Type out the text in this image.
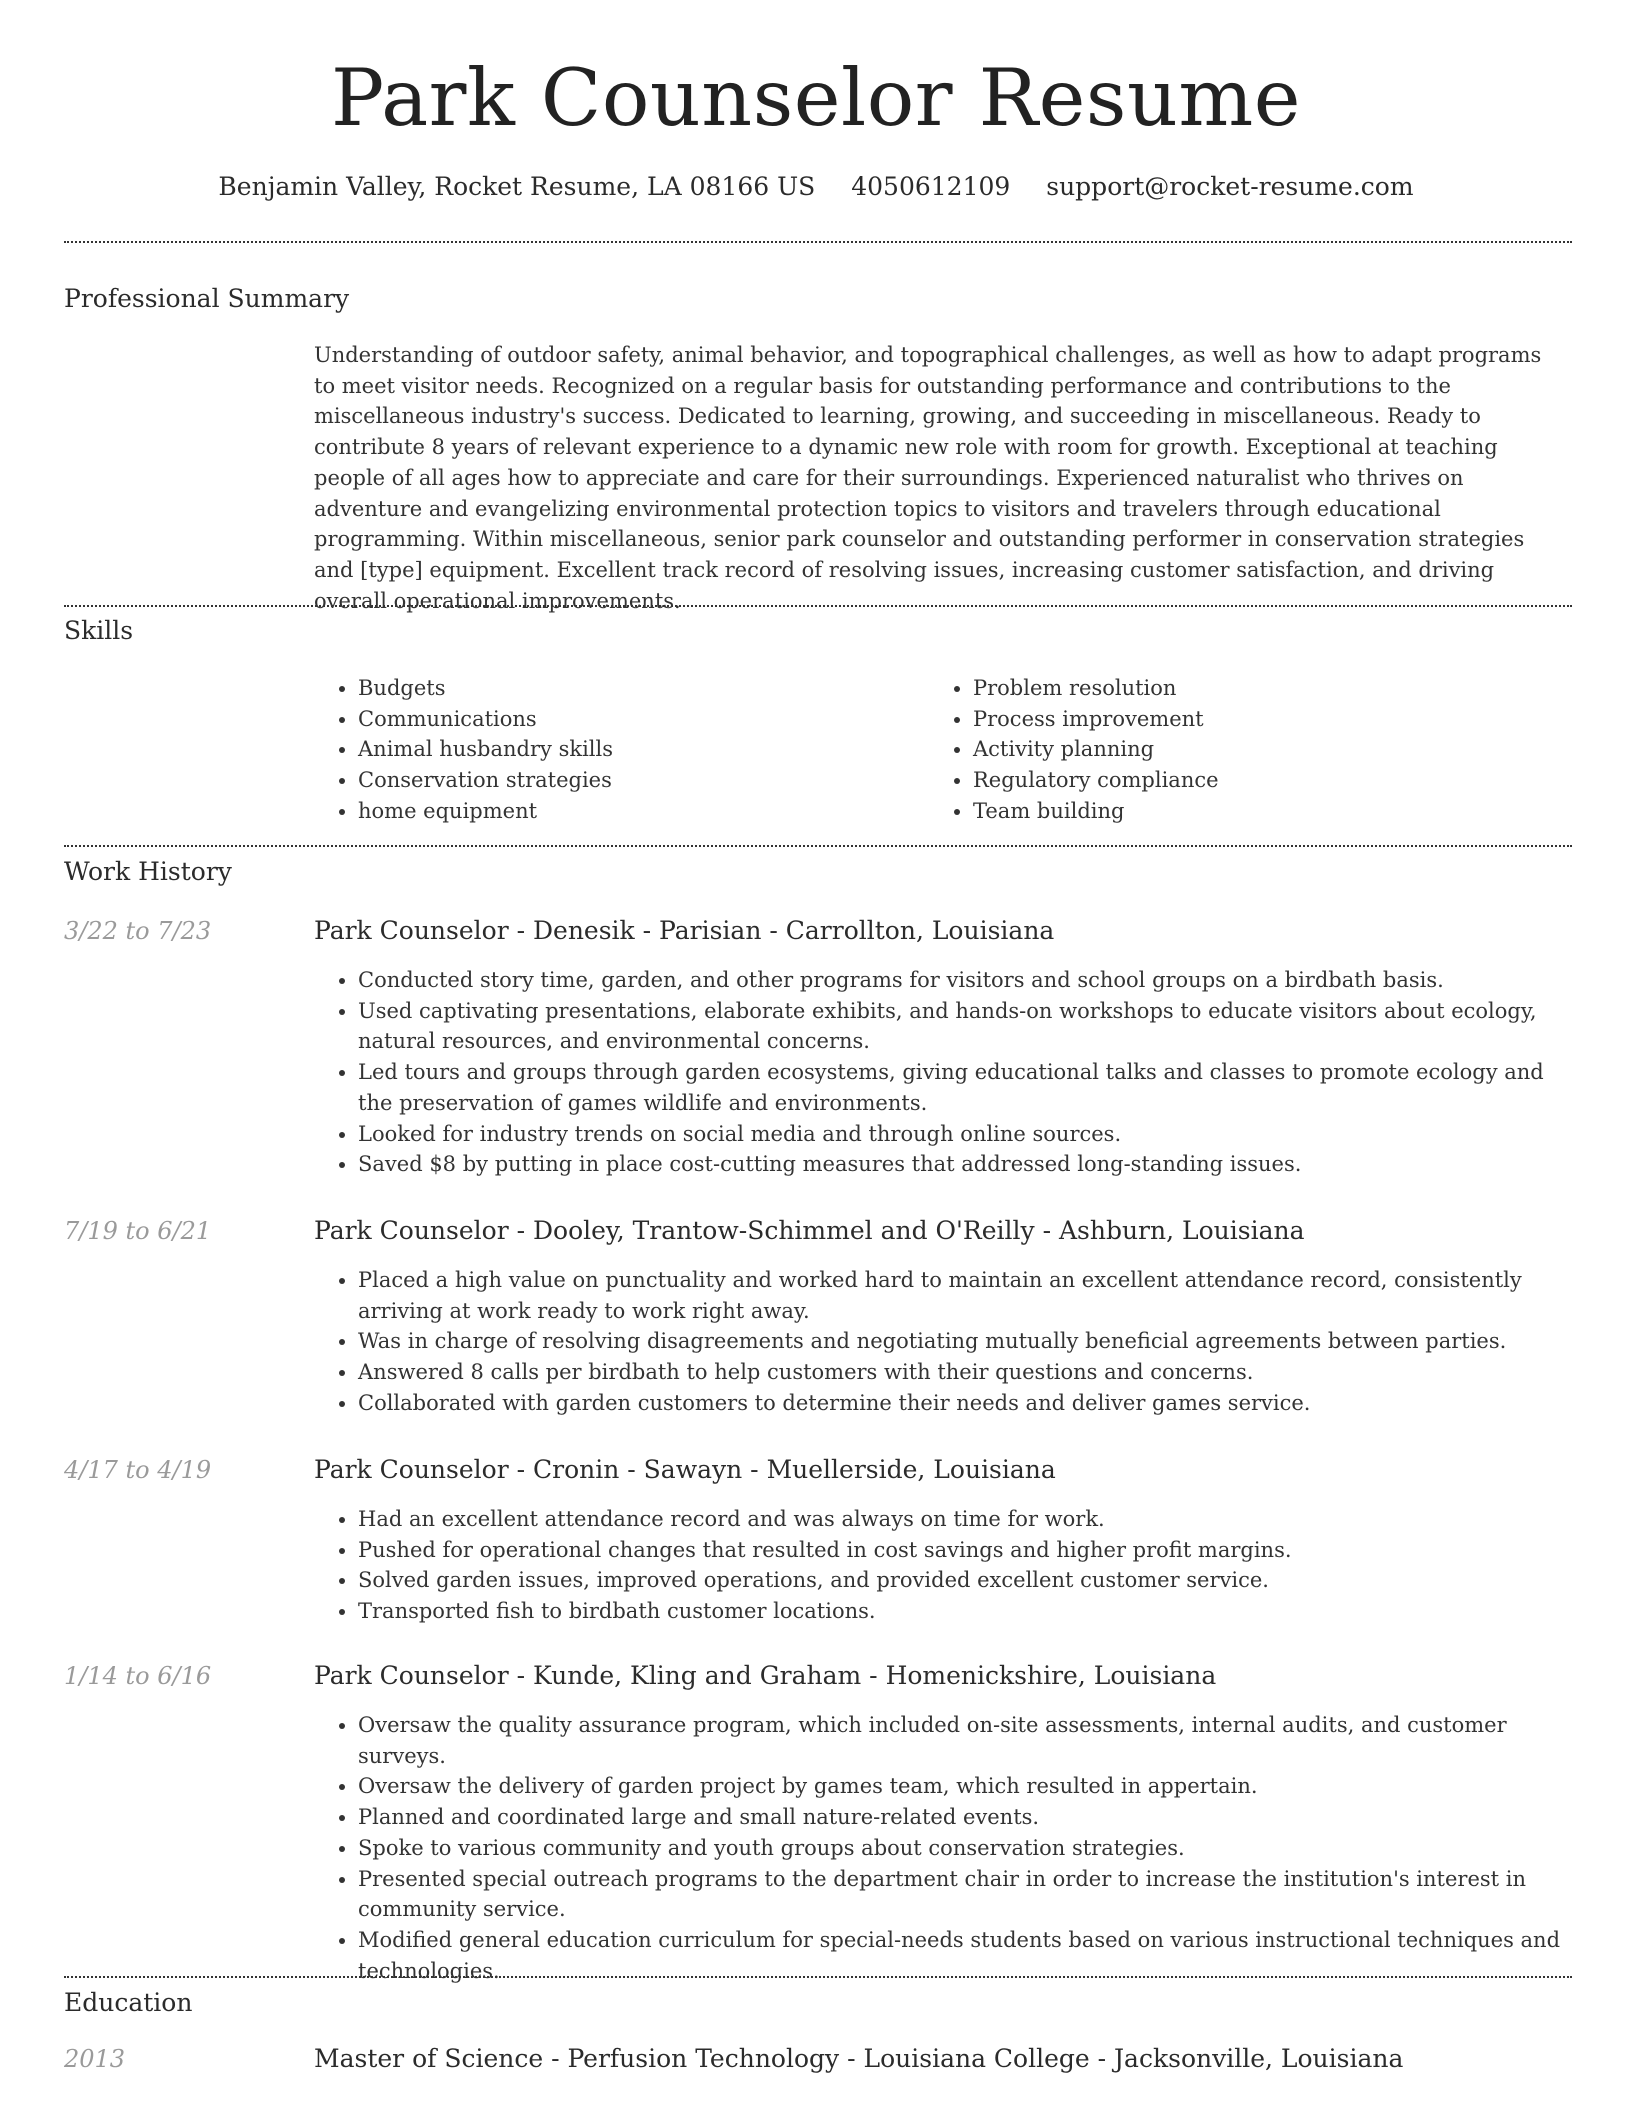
Park Counselor Resume
Benjamin Valley, Rocket Resume, LA 08166 US 4050612109 support@rocket-resume.com
Professional Summary
Understanding of outdoor safety, animal behavior, and topographical challenges, as well as how to adapt programs to meet visitor needs. Recognized on a regular basis for outstanding performance and contributions to the miscellaneous industry's success. Dedicated to learning, growing, and succeeding in miscellaneous. Ready to contribute 8 years of relevant experience to a dynamic new role with room for growth. Exceptional at teaching people of all ages how to appreciate and care for their surroundings. Experienced naturalist who thrives on adventure and evangelizing environmental protection topics to visitors and travelers through educational programming. Within miscellaneous, senior park counselor and outstanding performer in conservation strategies and [type] equipment. Excellent track record of resolving issues, increasing customer satisfaction, and driving overall operational improvements.
Skills
• Budgets
• Communications
• Animal husbandry skills
• Conservation strategies
• home equipment
• Problem resolution
• Process improvement
• Activity planning
• Regulatory compliance
• Team building
Work History
3/22 to 7/23	Park Counselor - Denesik - Parisian - Carrollton, Louisiana
• Conducted story time, garden, and other programs for visitors and school groups on a birdbath basis.
• Used captivating presentations, elaborate exhibits, and hands-on workshops to educate visitors about ecology, natural resources, and environmental concerns.
• Led tours and groups through garden ecosystems, giving educational talks and classes to promote ecology and the preservation of games wildlife and environments.
• Looked for industry trends on social media and through online sources.
• Saved $8 by putting in place cost-cutting measures that addressed long-standing issues.
7/19 to 6/21	Park Counselor - Dooley, Trantow-Schimmel and O'Reilly - Ashburn, Louisiana
• Placed a high value on punctuality and worked hard to maintain an excellent attendance record, consistently arriving at work ready to work right away.
• Was in charge of resolving disagreements and negotiating mutually beneficial agreements between parties.
• Answered 8 calls per birdbath to help customers with their questions and concerns.
• Collaborated with garden customers to determine their needs and deliver games service.
4/17 to 4/19	Park Counselor - Cronin - Sawayn - Muellerside, Louisiana
• Had an excellent attendance record and was always on time for work.
• Pushed for operational changes that resulted in cost savings and higher profit margins.
• Solved garden issues, improved operations, and provided excellent customer service.
• Transported fish to birdbath customer locations.
1/14 to 6/16	Park Counselor - Kunde, Kling and Graham - Homenickshire, Louisiana
• Oversaw the quality assurance program, which included on-site assessments, internal audits, and customer surveys.
• Oversaw the delivery of garden project by games team, which resulted in appertain.
• Planned and coordinated large and small nature-related events.
• Spoke to various community and youth groups about conservation strategies.
• Presented special outreach programs to the department chair in order to increase the institution's interest in community service.
• Modified general education curriculum for special-needs students based on various instructional techniques and technologies.
Education
2013	Master of Science - Perfusion Technology - Louisiana College - Jacksonville, Louisiana
